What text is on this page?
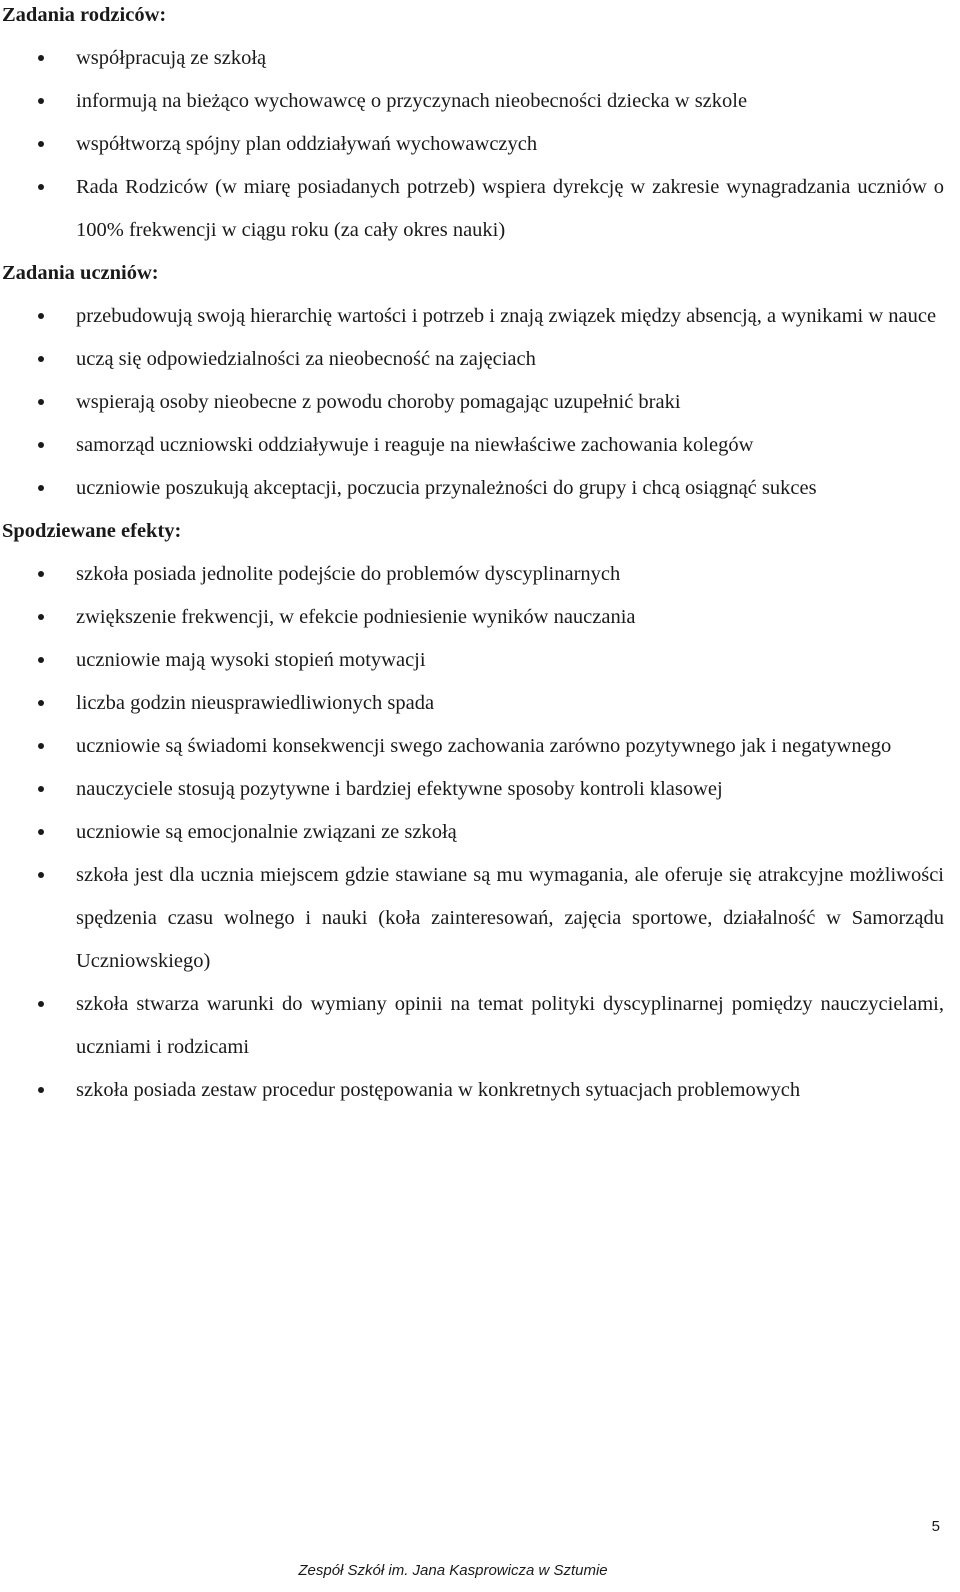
Zadania rodziców:

współpracują ze szkołą
informują na bieżąco wychowawcę o przyczynach nieobecności dziecka w szkole
współtworzą spójny plan oddziaływań wychowawczych
Rada Rodziców (w miarę posiadanych potrzeb) wspiera dyrekcję w zakresie wynagradzania uczniów o 100% frekwencji w ciągu roku (za cały okres nauki)

Zadania uczniów:

przebudowują swoją hierarchię wartości i potrzeb i znają związek między absencją, a wynikami w nauce
uczą się odpowiedzialności za nieobecność na zajęciach
wspierają osoby nieobecne z powodu choroby pomagając uzupełnić braki
samorząd uczniowski oddziaływuje i reaguje na niewłaściwe zachowania kolegów
uczniowie poszukują akceptacji, poczucia przynależności do grupy i chcą osiągnąć sukces

Spodziewane efekty:

szkoła posiada jednolite podejście do problemów dyscyplinarnych
zwiększenie frekwencji, w efekcie podniesienie wyników nauczania
uczniowie mają wysoki stopień motywacji
liczba godzin nieusprawiedliwionych spada
uczniowie są świadomi konsekwencji swego zachowania zarówno pozytywnego jak i negatywnego
nauczyciele stosują pozytywne i bardziej efektywne sposoby kontroli klasowej
uczniowie są emocjonalnie związani ze szkołą
szkoła jest dla ucznia miejscem gdzie stawiane są mu wymagania, ale oferuje się atrakcyjne możliwości spędzenia czasu wolnego i nauki (koła zainteresowań, zajęcia sportowe, działalność w Samorządu Uczniowskiego)
szkoła stwarza warunki do wymiany opinii na temat polityki dyscyplinarnej pomiędzy nauczycielami, uczniami i rodzicami
szkoła posiada zestaw procedur postępowania w konkretnych sytuacjach problemowych
5
Zespół Szkół im. Jana Kasprowicza w Sztumie
